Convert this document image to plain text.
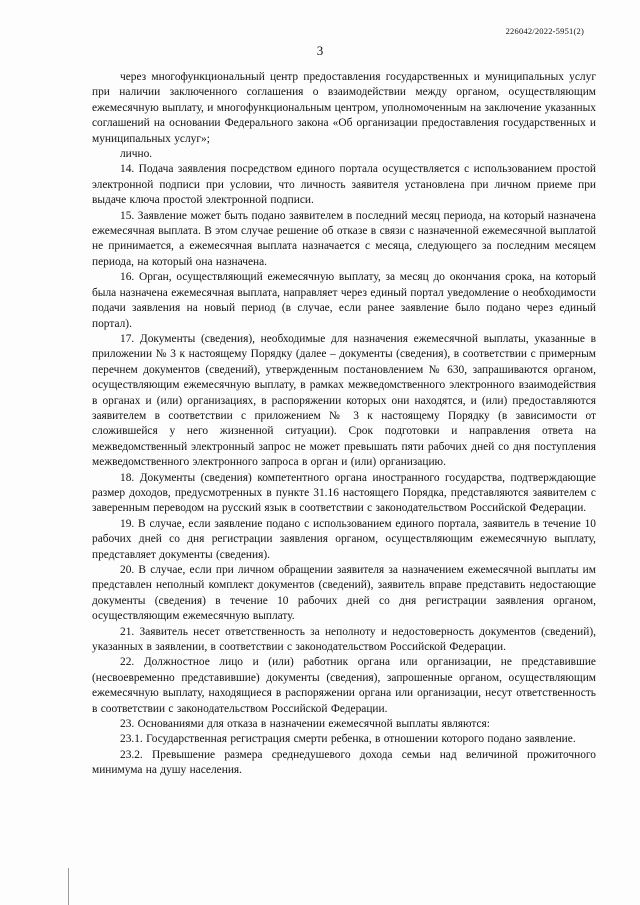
226042/2022-5951(2)
3

через многофункциональный центр предоставления государственных и муниципальных услуг при наличии заключенного соглашения о взаимодействии между органом, осуществляющим ежемесячную выплату, и многофункциональным центром, уполномоченным на заключение указанных соглашений на основании Федерального закона «Об организации предоставления государственных и муниципальных услуг»;

лично.

14. Подача заявления посредством единого портала осуществляется с использованием простой электронной подписи при условии, что личность заявителя установлена при личном приеме при выдаче ключа простой электронной подписи.

15. Заявление может быть подано заявителем в последний месяц периода, на который назначена ежемесячная выплата. В этом случае решение об отказе в связи с назначенной ежемесячной выплатой не принимается, а ежемесячная выплата назначается с месяца, следующего за последним месяцем периода, на который она назначена.

16. Орган, осуществляющий ежемесячную выплату, за месяц до окончания срока, на который была назначена ежемесячная выплата, направляет через единый портал уведомление о необходимости подачи заявления на новый период (в случае, если ранее заявление было подано через единый портал).

17. Документы (сведения), необходимые для назначения ежемесячной выплаты, указанные в приложении № 3 к настоящему Порядку (далее – документы (сведения), в соответствии с примерным перечнем документов (сведений), утвержденным постановлением № 630, запрашиваются органом, осуществляющим ежемесячную выплату, в рамках межведомственного электронного взаимодействия в органах и (или) организациях, в распоряжении которых они находятся, и (или) предоставляются заявителем в соответствии с приложением № 3 к настоящему Порядку (в зависимости от сложившейся у него жизненной ситуации). Срок подготовки и направления ответа на межведомственный электронный запрос не может превышать пяти рабочих дней со дня поступления межведомственного электронного запроса в орган и (или) организацию.

18. Документы (сведения) компетентного органа иностранного государства, подтверждающие размер доходов, предусмотренных в пункте 31.16 настоящего Порядка, представляются заявителем с заверенным переводом на русский язык в соответствии с законодательством Российской Федерации.

19. В случае, если заявление подано с использованием единого портала, заявитель в течение 10 рабочих дней со дня регистрации заявления органом, осуществляющим ежемесячную выплату, представляет документы (сведения).

20. В случае, если при личном обращении заявителя за назначением ежемесячной выплаты им представлен неполный комплект документов (сведений), заявитель вправе представить недостающие документы (сведения) в течение 10 рабочих дней со дня регистрации заявления органом, осуществляющим ежемесячную выплату.

21. Заявитель несет ответственность за неполноту и недостоверность документов (сведений), указанных в заявлении, в соответствии с законодательством Российской Федерации.

22. Должностное лицо и (или) работник органа или организации, не представившие (несвоевременно представившие) документы (сведения), запрошенные органом, осуществляющим ежемесячную выплату, находящиеся в распоряжении органа или организации, несут ответственность в соответствии с законодательством Российской Федерации.

23. Основаниями для отказа в назначении ежемесячной выплаты являются:

23.1. Государственная регистрация смерти ребенка, в отношении которого подано заявление.

23.2. Превышение размера среднедушевого дохода семьи над величиной прожиточного минимума на душу населения.
